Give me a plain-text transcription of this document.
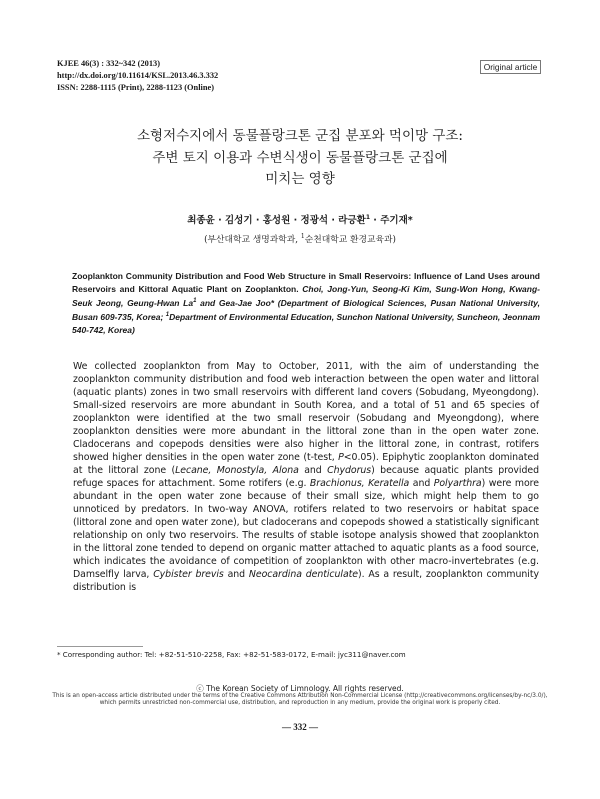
KJEE 46(3) : 332~342 (2013)
http://dx.doi.org/10.11614/KSL.2013.46.3.332
ISSN: 2288-1115 (Print), 2288-1123 (Online)
Original article
소형저수지에서 동물플랑크톤 군집 분포와 먹이망 구조:
주변 토지 이용과 수변식생이 동물플랑크톤 군집에
미치는 영향
최종윤 · 김성기 · 홍성원 · 정광석 · 라긍환$^1$ · 주기재*
(부산대학교 생명과학과, $^1$순천대학교 환경교육과)
Zooplankton Community Distribution and Food Web Structure in Small Reservoirs: Influence of Land Uses around Reservoirs and Kittoral Aquatic Plant on Zooplankton. Choi, Jong-Yun, Seong-Ki Kim, Sung-Won Hong, Kwang-Seuk Jeong, Geung-Hwan La$^1$ and Gea-Jae Joo* (Department of Biological Sciences, Pusan National University, Busan 609-735, Korea; $^1$Department of Environmental Education, Sunchon National University, Suncheon, Jeonnam 540-742, Korea)
We collected zooplankton from May to October, 2011, with the aim of understanding the zooplankton community distribution and food web interaction between the open water and littoral (aquatic plants) zones in two small reservoirs with different land covers (Sobudang, Myeongdong). Small-sized reservoirs are more abundant in South Korea, and a total of 51 and 65 species of zooplankton were identified at the two small reservoir (Sobudang and Myeongdong), where zooplankton densities were more abundant in the littoral zone than in the open water zone. Cladocerans and copepods densities were also higher in the littoral zone, in contrast, rotifers showed higher densities in the open water zone (t-test, P<0.05). Epiphytic zooplankton dominated at the littoral zone (Lecane, Monostyla, Alona and Chydorus) because aquatic plants provided refuge spaces for attachment. Some rotifers (e.g. Brachionus, Keratella and Polyarthra) were more abundant in the open water zone because of their small size, which might help them to go unnoticed by predators. In two-way ANOVA, rotifers related to two reservoirs or habitat space (littoral zone and open water zone), but cladocerans and copepods showed a statistically significant relationship on only two reservoirs. The results of stable isotope analysis showed that zooplankton in the littoral zone tended to depend on organic matter attached to aquatic plants as a food source, which indicates the avoidance of competition of zooplankton with other macro-invertebrates (e.g. Damselfly larva, Cybister brevis and Neocardina denticulate). As a result, zooplankton community distribution is
* Corresponding author: Tel: +82-51-510-2258, Fax: +82-51-583-0172, E-mail: jyc311@naver.com
ⓒ The Korean Society of Limnology. All rights reserved.
This is an open-access article distributed under the terms of the Creative Commons Attribution Non-Commercial License (http://creativecommons.org/licenses/by-nc/3.0/),
which permits unrestricted non-commercial use, distribution, and reproduction in any medium, provide the original work is properly cited.
— 332 —
